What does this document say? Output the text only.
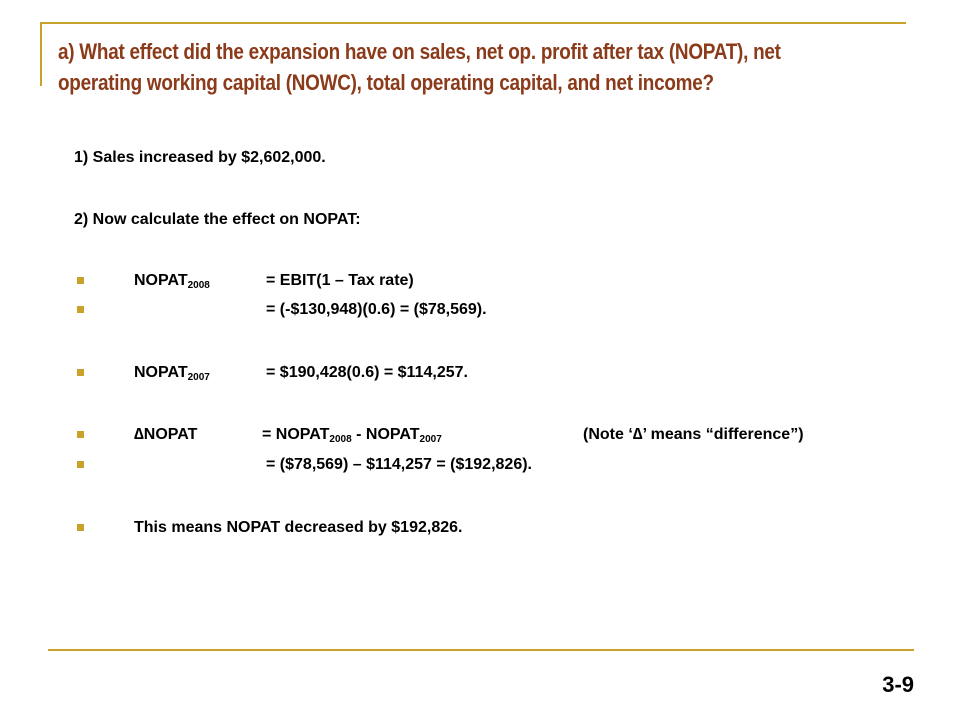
a) What effect did the expansion have on sales, net op. profit after tax (NOPAT), net
operating working capital (NOWC), total operating capital, and net income?
1) Sales increased by $2,602,000.
2) Now calculate the effect on NOPAT:
$NOPAT_{2008}$	= EBIT(1 – Tax rate)
= (-$130,948)(0.6) = ($78,569).
$NOPAT_{2007}$	= $190,428(0.6) = $114,257.
∆NOPAT	= $NOPAT_{2008}$ - $NOPAT_{2007}$	(Note ‘∆’ means “difference”)
= ($78,569) – $114,257 = ($192,826).
This means NOPAT decreased by $192,826.
3-9
